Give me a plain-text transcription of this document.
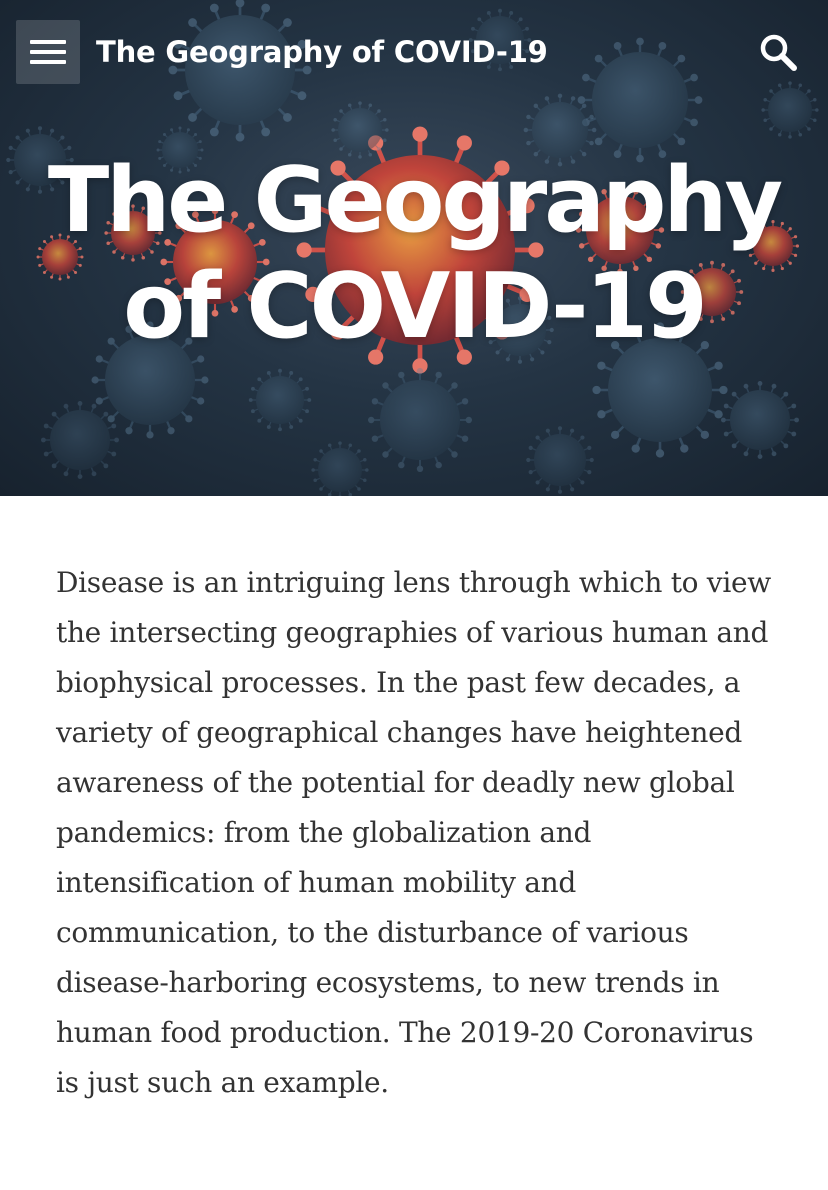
The Geography of COVID-19
The Geography of COVID-19

Disease is an intriguing lens through which to view the intersecting geographies of various human and biophysical processes. In the past few decades, a variety of geographical changes have heightened awareness of the potential for deadly new global pandemics: from the globalization and intensification of human mobility and communication, to the disturbance of various disease-harboring ecosystems, to new trends in human food production. The 2019-20 Coronavirus is just such an example.
